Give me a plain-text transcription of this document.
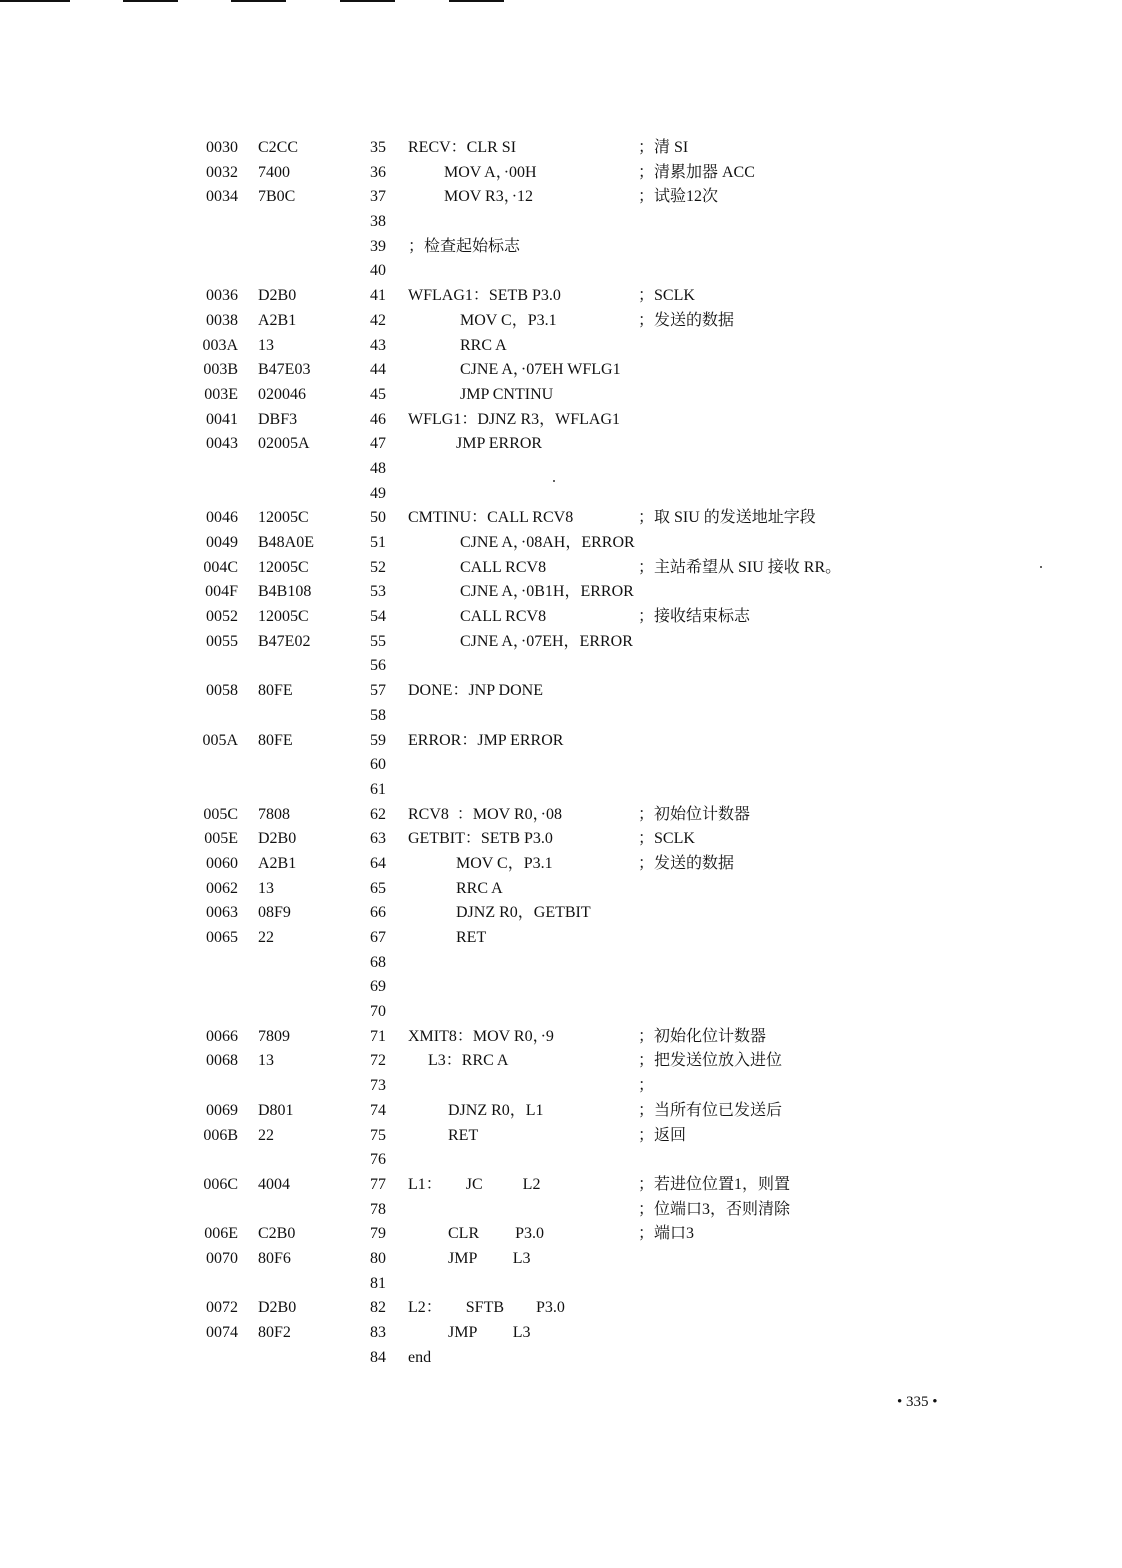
0030 C2CC	35 RECV：CLR SI	；清 SI
0032 7400	36 MOV A，·00H	；清累加器 ACC
0034 7B0C	37 MOV R3，·12	；试验12次
38
39 ；检查起始标志
40
0036 D2B0	41 WFLAG1：SETB P3.0	；SCLK
0038 A2B1	42 MOV C，P3.1	；发送的数据
003A 13	43 RRC A
003B B47E03	44 CJNE A，·07EH WFLG1
003E 020046	45 JMP CNTINU
0041 DBF3	46 WFLG1：DJNZ R3，WFLAG1
0043 02005A	47 JMP ERROR
48
49
0046 12005C	50 CMTINU：CALL RCV8	；取 SIU 的发送地址字段
0049 B48A0E	51 CJNE A，·08AH，ERROR
004C 12005C	52 CALL RCV8	；主站希望从 SIU 接收 RR。
004F B4B108	53 CJNE A，·0B1H，ERROR
0052 12005C	54 CALL RCV8	；接收结束标志
0055 B47E02	55 CJNE A，·07EH，ERROR
56
0058 80FE	57 DONE：JNP DONE
58
005A 80FE	59 ERROR：JMP ERROR
60
61
005C 7808	62 RCV8  ：MOV R0，·08	；初始位计数器
005E D2B0	63 GETBIT：SETB P3.0	；SCLK
0060 A2B1	64 MOV C，P3.1	；发送的数据
0062 13	65 RRC A
0063 08F9	66 DJNZ R0，GETBIT
0065 22	67 RET
68
69
70
0066 7809	71 XMIT8：MOV R0，·9	；初始化位计数器
0068 13	72 L3：RRC A	；把发送位放入进位
73	；
0069 D801	74 DJNZ R0，L1	；当所有位已发送后
006B 22	75 RET	；返回
76
006C 4004	77 L1：      JC          L2	；若进位位置1，则置
78	；位端口3，否则清除
006E C2B0	79 CLR         P3.0	；端口3
0070 80F6	80 JMP         L3
81
0072 D2B0	82 L2：      SFTB        P3.0
0074 80F2	83 JMP         L3
84 end
• 335 •
